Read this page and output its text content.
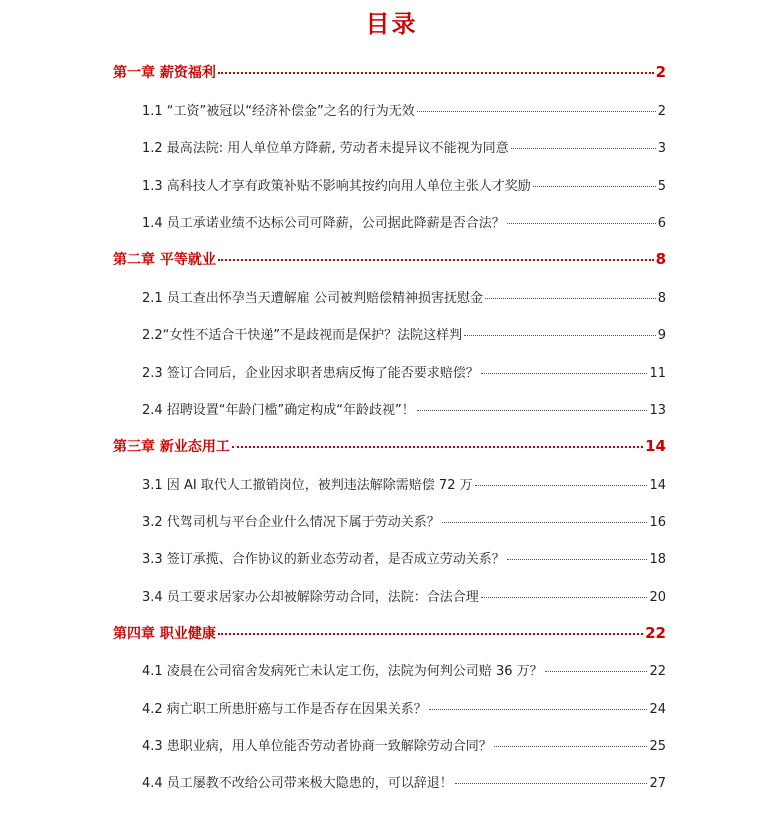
目录
第一章 薪资福利	2
1.1 “工资”被冠以“经济补偿金”之名的行为无效	2
1.2 最高法院: 用人单位单方降薪, 劳动者未提异议不能视为同意	3
1.3 高科技人才享有政策补贴不影响其按约向用人单位主张人才奖励	5
1.4 员工承诺业绩不达标公司可降薪，公司据此降薪是否合法？	6
第二章 平等就业	8
2.1 员工查出怀孕当天遭解雇 公司被判赔偿精神损害抚慰金	8
2.2“女性不适合干快递”不是歧视而是保护？法院这样判	9
2.3 签订合同后，企业因求职者患病反悔了能否要求赔偿？	11
2.4 招聘设置“年龄门槛”确定构成“年龄歧视”！	13
第三章 新业态用工	14
3.1 因 AI 取代人工撤销岗位，被判违法解除需赔偿 72 万	14
3.2 代驾司机与平台企业什么情况下属于劳动关系？	16
3.3 签订承揽、合作协议的新业态劳动者，是否成立劳动关系？	18
3.4 员工要求居家办公却被解除劳动合同，法院：合法合理	20
第四章 职业健康	22
4.1 凌晨在公司宿舍发病死亡未认定工伤，法院为何判公司赔 36 万？	22
4.2 病亡职工所患肝癌与工作是否存在因果关系？	24
4.3 患职业病，用人单位能否劳动者协商一致解除劳动合同？	25
4.4 员工屡教不改给公司带来极大隐患的，可以辞退！	27
